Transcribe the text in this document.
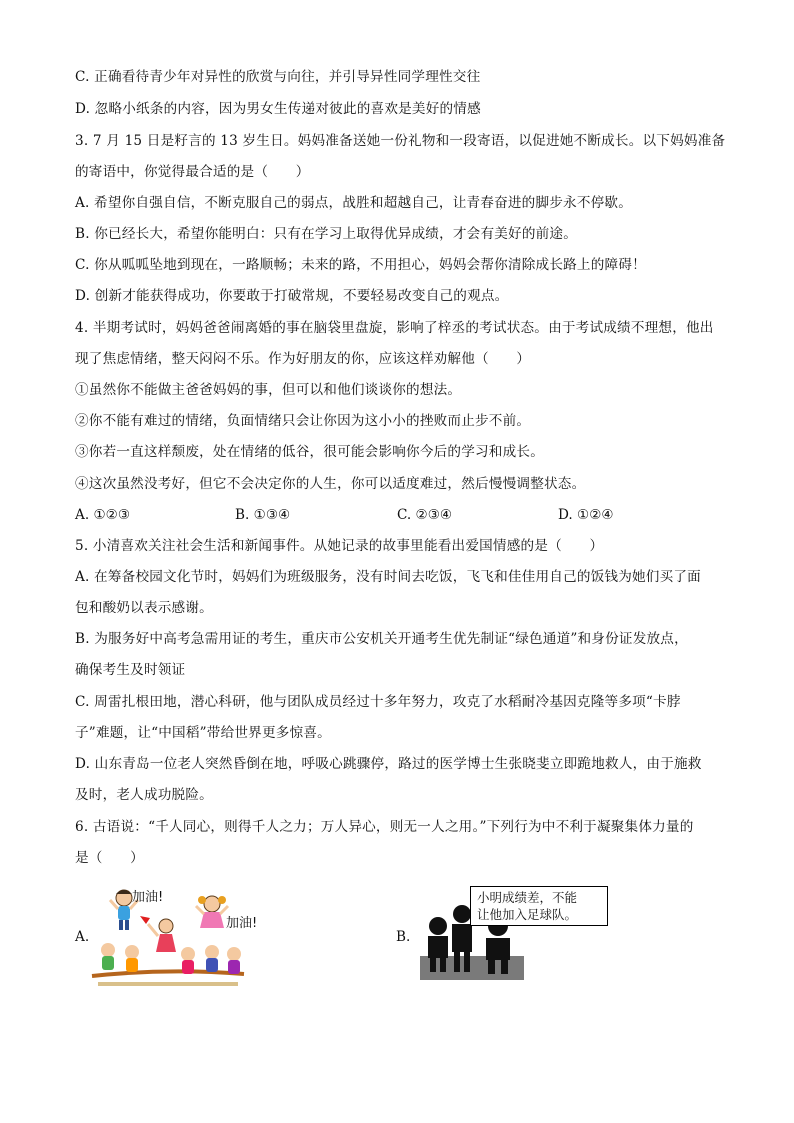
C. 正确看待青少年对异性的欣赏与向往，并引导异性同学理性交往
D. 忽略小纸条的内容，因为男女生传递对彼此的喜欢是美好的情感
3. 7 月 15 日是籽言的 13 岁生日。妈妈准备送她一份礼物和一段寄语，以促进她不断成长。以下妈妈准备
的寄语中，你觉得最合适的是（　　）
A. 希望你自强自信，不断克服自己的弱点，战胜和超越自己，让青春奋进的脚步永不停歇。
B. 你已经长大，希望你能明白：只有在学习上取得优异成绩，才会有美好的前途。
C. 你从呱呱坠地到现在，一路顺畅；未来的路，不用担心，妈妈会帮你清除成长路上的障碍！
D. 创新才能获得成功，你要敢于打破常规，不要轻易改变自己的观点。
4. 半期考试时，妈妈爸爸闹离婚的事在脑袋里盘旋，影响了梓丞的考试状态。由于考试成绩不理想，他出
现了焦虑情绪，整天闷闷不乐。作为好朋友的你，应该这样劝解他（　　）
①虽然你不能做主爸爸妈妈的事，但可以和他们谈谈你的想法。
②你不能有难过的情绪，负面情绪只会让你因为这小小的挫败而止步不前。
③你若一直这样颓废，处在情绪的低谷，很可能会影响你今后的学习和成长。
④这次虽然没考好，但它不会决定你的人生，你可以适度难过，然后慢慢调整状态。
A. ①②③	B. ①③④	C. ②③④	D. ①②④
5. 小清喜欢关注社会生活和新闻事件。从她记录的故事里能看出爱国情感的是（　　）
A. 在筹备校园文化节时，妈妈们为班级服务，没有时间去吃饭，飞飞和佳佳用自己的饭钱为她们买了面
包和酸奶以表示感谢。
B. 为服务好中高考急需用证的考生，重庆市公安机关开通考生优先制证“绿色通道”和身份证发放点，
确保考生及时领证
C. 周雷扎根田地，潜心科研，他与团队成员经过十多年努力，攻克了水稻耐冷基因克隆等多项“卡脖
子”难题，让“中国稻”带给世界更多惊喜。
D. 山东青岛一位老人突然昏倒在地，呼吸心跳骤停，路过的医学博士生张晓斐立即跪地救人，由于施救
及时，老人成功脱险。
6. 古语说：“千人同心，则得千人之力；万人异心，则无一人之用。”下列行为中不利于凝聚集体力量的
是（　　）
A.
加油!
加油!
B.
小明成绩差，不能
让他加入足球队。
